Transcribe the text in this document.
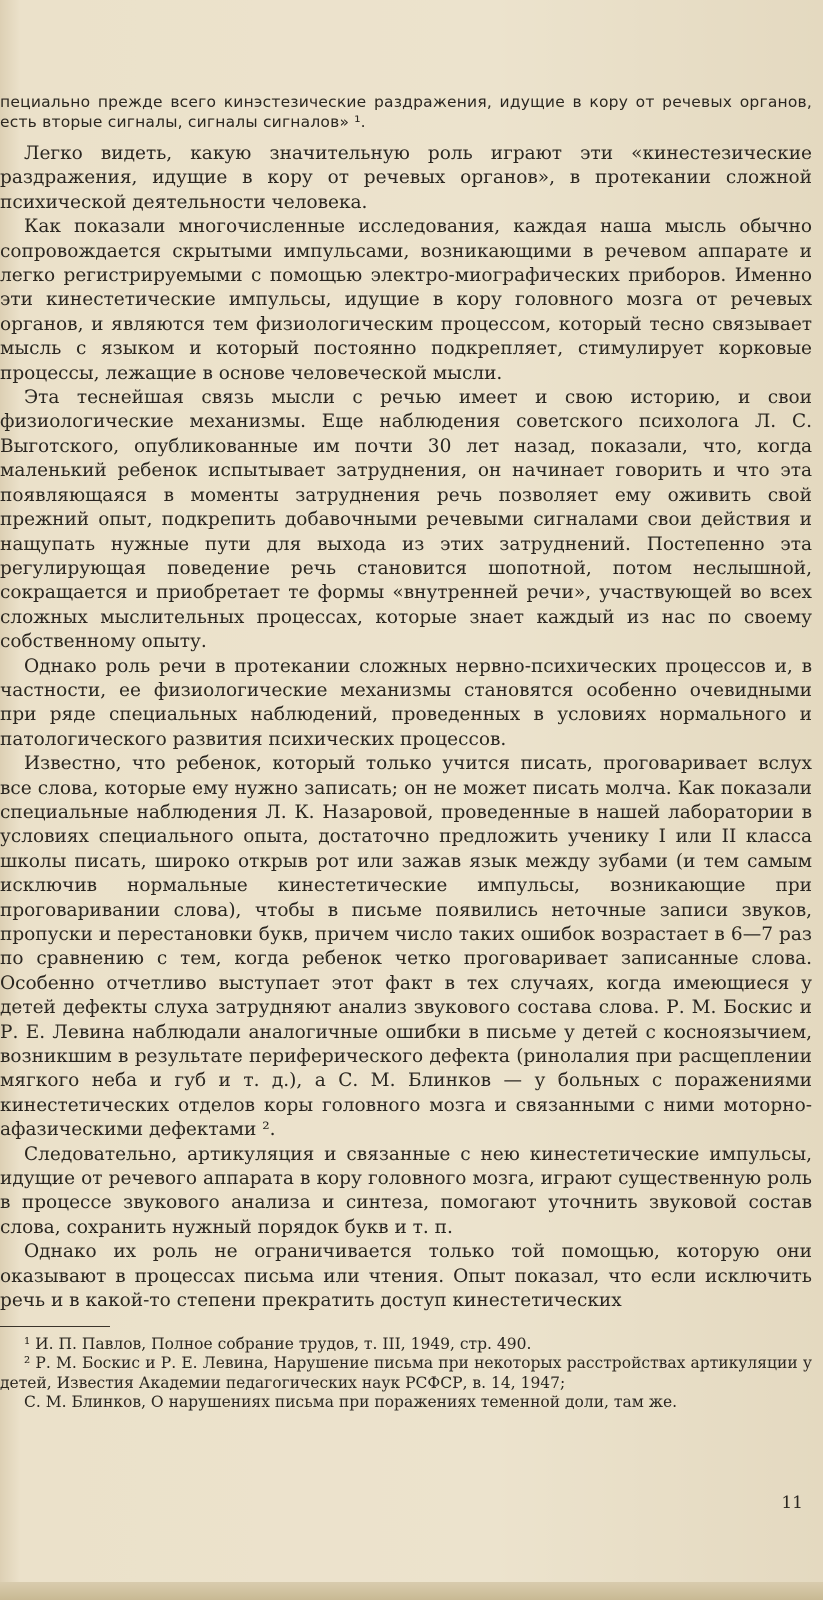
пециально прежде всего кинэстезические раздражения, идущие в кору от речевых органов, есть вторые сигналы, сигналы сигналов» ¹.

Легко видеть, какую значительную роль играют эти «кинестезические раздражения, идущие в кору от речевых органов», в протекании сложной психической деятельности человека.

Как показали многочисленные исследования, каждая наша мысль обычно сопровождается скрытыми импульсами, возникающими в речевом аппарате и легко регистрируемыми с помощью электро-миографических приборов. Именно эти кинестетические импульсы, идущие в кору головного мозга от речевых органов, и являются тем физиологическим процессом, который тесно связывает мысль с языком и который постоянно подкрепляет, стимулирует корковые процессы, лежащие в основе человеческой мысли.

Эта теснейшая связь мысли с речью имеет и свою историю, и свои физиологические механизмы. Еще наблюдения советского психолога Л. С. Выготского, опубликованные им почти 30 лет назад, показали, что, когда маленький ребенок испытывает затруднения, он начинает говорить и что эта появляющаяся в моменты затруднения речь позволяет ему оживить свой прежний опыт, подкрепить добавочными речевыми сигналами свои действия и нащупать нужные пути для выхода из этих затруднений. Постепенно эта регулирующая поведение речь становится шопотной, потом неслышной, сокращается и приобретает те формы «внутренней речи», участвующей во всех сложных мыслительных процессах, которые знает каждый из нас по своему собственному опыту.

Однако роль речи в протекании сложных нервно-психических процессов и, в частности, ее физиологические механизмы становятся особенно очевидными при ряде специальных наблюдений, проведенных в условиях нормального и патологического развития психических процессов.

Известно, что ребенок, который только учится писать, проговаривает вслух все слова, которые ему нужно записать; он не может писать молча. Как показали специальные наблюдения Л. К. Назаровой, проведенные в нашей лаборатории в условиях специального опыта, достаточно предложить ученику I или II класса школы писать, широко открыв рот или зажав язык между зубами (и тем самым исключив нормальные кинестетические импульсы, возникающие при проговаривании слова), чтобы в письме появились неточные записи звуков, пропуски и перестановки букв, причем число таких ошибок возрастает в 6—7 раз по сравнению с тем, когда ребенок четко проговаривает записанные слова. Особенно отчетливо выступает этот факт в тех случаях, когда имеющиеся у детей дефекты слуха затрудняют анализ звукового состава слова. Р. М. Боскис и Р. Е. Левина наблюдали аналогичные ошибки в письме у детей с косноязычием, возникшим в результате периферического дефекта (ринолалия при расщеплении мягкого неба и губ и т. д.), а С. М. Блинков — у больных с поражениями кинестетических отделов коры головного мозга и связанными с ними моторно-афазическими дефектами ².

Следовательно, артикуляция и связанные с нею кинестетические импульсы, идущие от речевого аппарата в кору головного мозга, играют существенную роль в процессе звукового анализа и синтеза, помогают уточнить звуковой состав слова, сохранить нужный порядок букв и т. п.

Однако их роль не ограничивается только той помощью, которую они оказывают в процессах письма или чтения. Опыт показал, что если исключить речь и в какой-то степени прекратить доступ кинестетических

¹ И. П. Павлов, Полное собрание трудов, т. III, 1949, стр. 490.
² Р. М. Боскис и Р. Е. Левина, Нарушение письма при некоторых расстройствах артикуляции у детей, Известия Академии педагогических наук РСФСР, в. 14, 1947;
С. М. Блинков, О нарушениях письма при поражениях теменной доли, там же.
11
